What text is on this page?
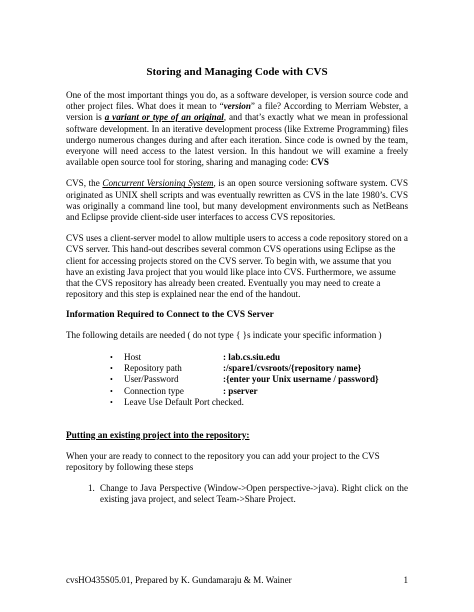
Storing and Managing Code with CVS

One of the most important things you do, as a software developer, is version source code and other project files. What does it mean to “version” a file? According to Merriam Webster, a version is a variant or type of an original, and that’s exactly what we mean in professional software development. In an iterative development process (like Extreme Programming) files undergo numerous changes during and after each iteration. Since code is owned by the team, everyone will need access to the latest version. In this handout we will examine a freely available open source tool for storing, sharing and managing code: CVS

CVS, the Concurrent Versioning System, is an open source versioning software system. CVS originated as UNIX shell scripts and was eventually rewritten as CVS in the late 1980’s. CVS was originally a command line tool, but many development environments such as NetBeans and Eclipse provide client-side user interfaces to access CVS repositories.

CVS uses a client-server model to allow multiple users to access a code repository stored on a CVS server. This hand-out describes several common CVS operations using Eclipse as the client for accessing projects stored on the CVS server. To begin with, we assume that you have an existing Java project that you would like place into CVS. Furthermore, we assume that the CVS repository has already been created. Eventually you may need to create a repository and this step is explained near the end of the handout.

Information Required to Connect to the CVS Server

The following details are needed ( do not type { }s indicate your specific information )

• Host	: lab.cs.siu.edu
• Repository path	:/spare1/cvsroots/{repository name}
• User/Password	:{enter your Unix username / password}
• Connection type	: pserver
• Leave Use Default Port checked.
Putting an existing project into the repository:

When your are ready to connect to the repository you can add your project to the CVS repository by following these steps

1. Change to Java Perspective (Window->Open perspective->java). Right click on the existing java project, and select Team->Share Project.
cvsHO435S05.01, Prepared by K. Gundamaraju & M. Wainer	1
